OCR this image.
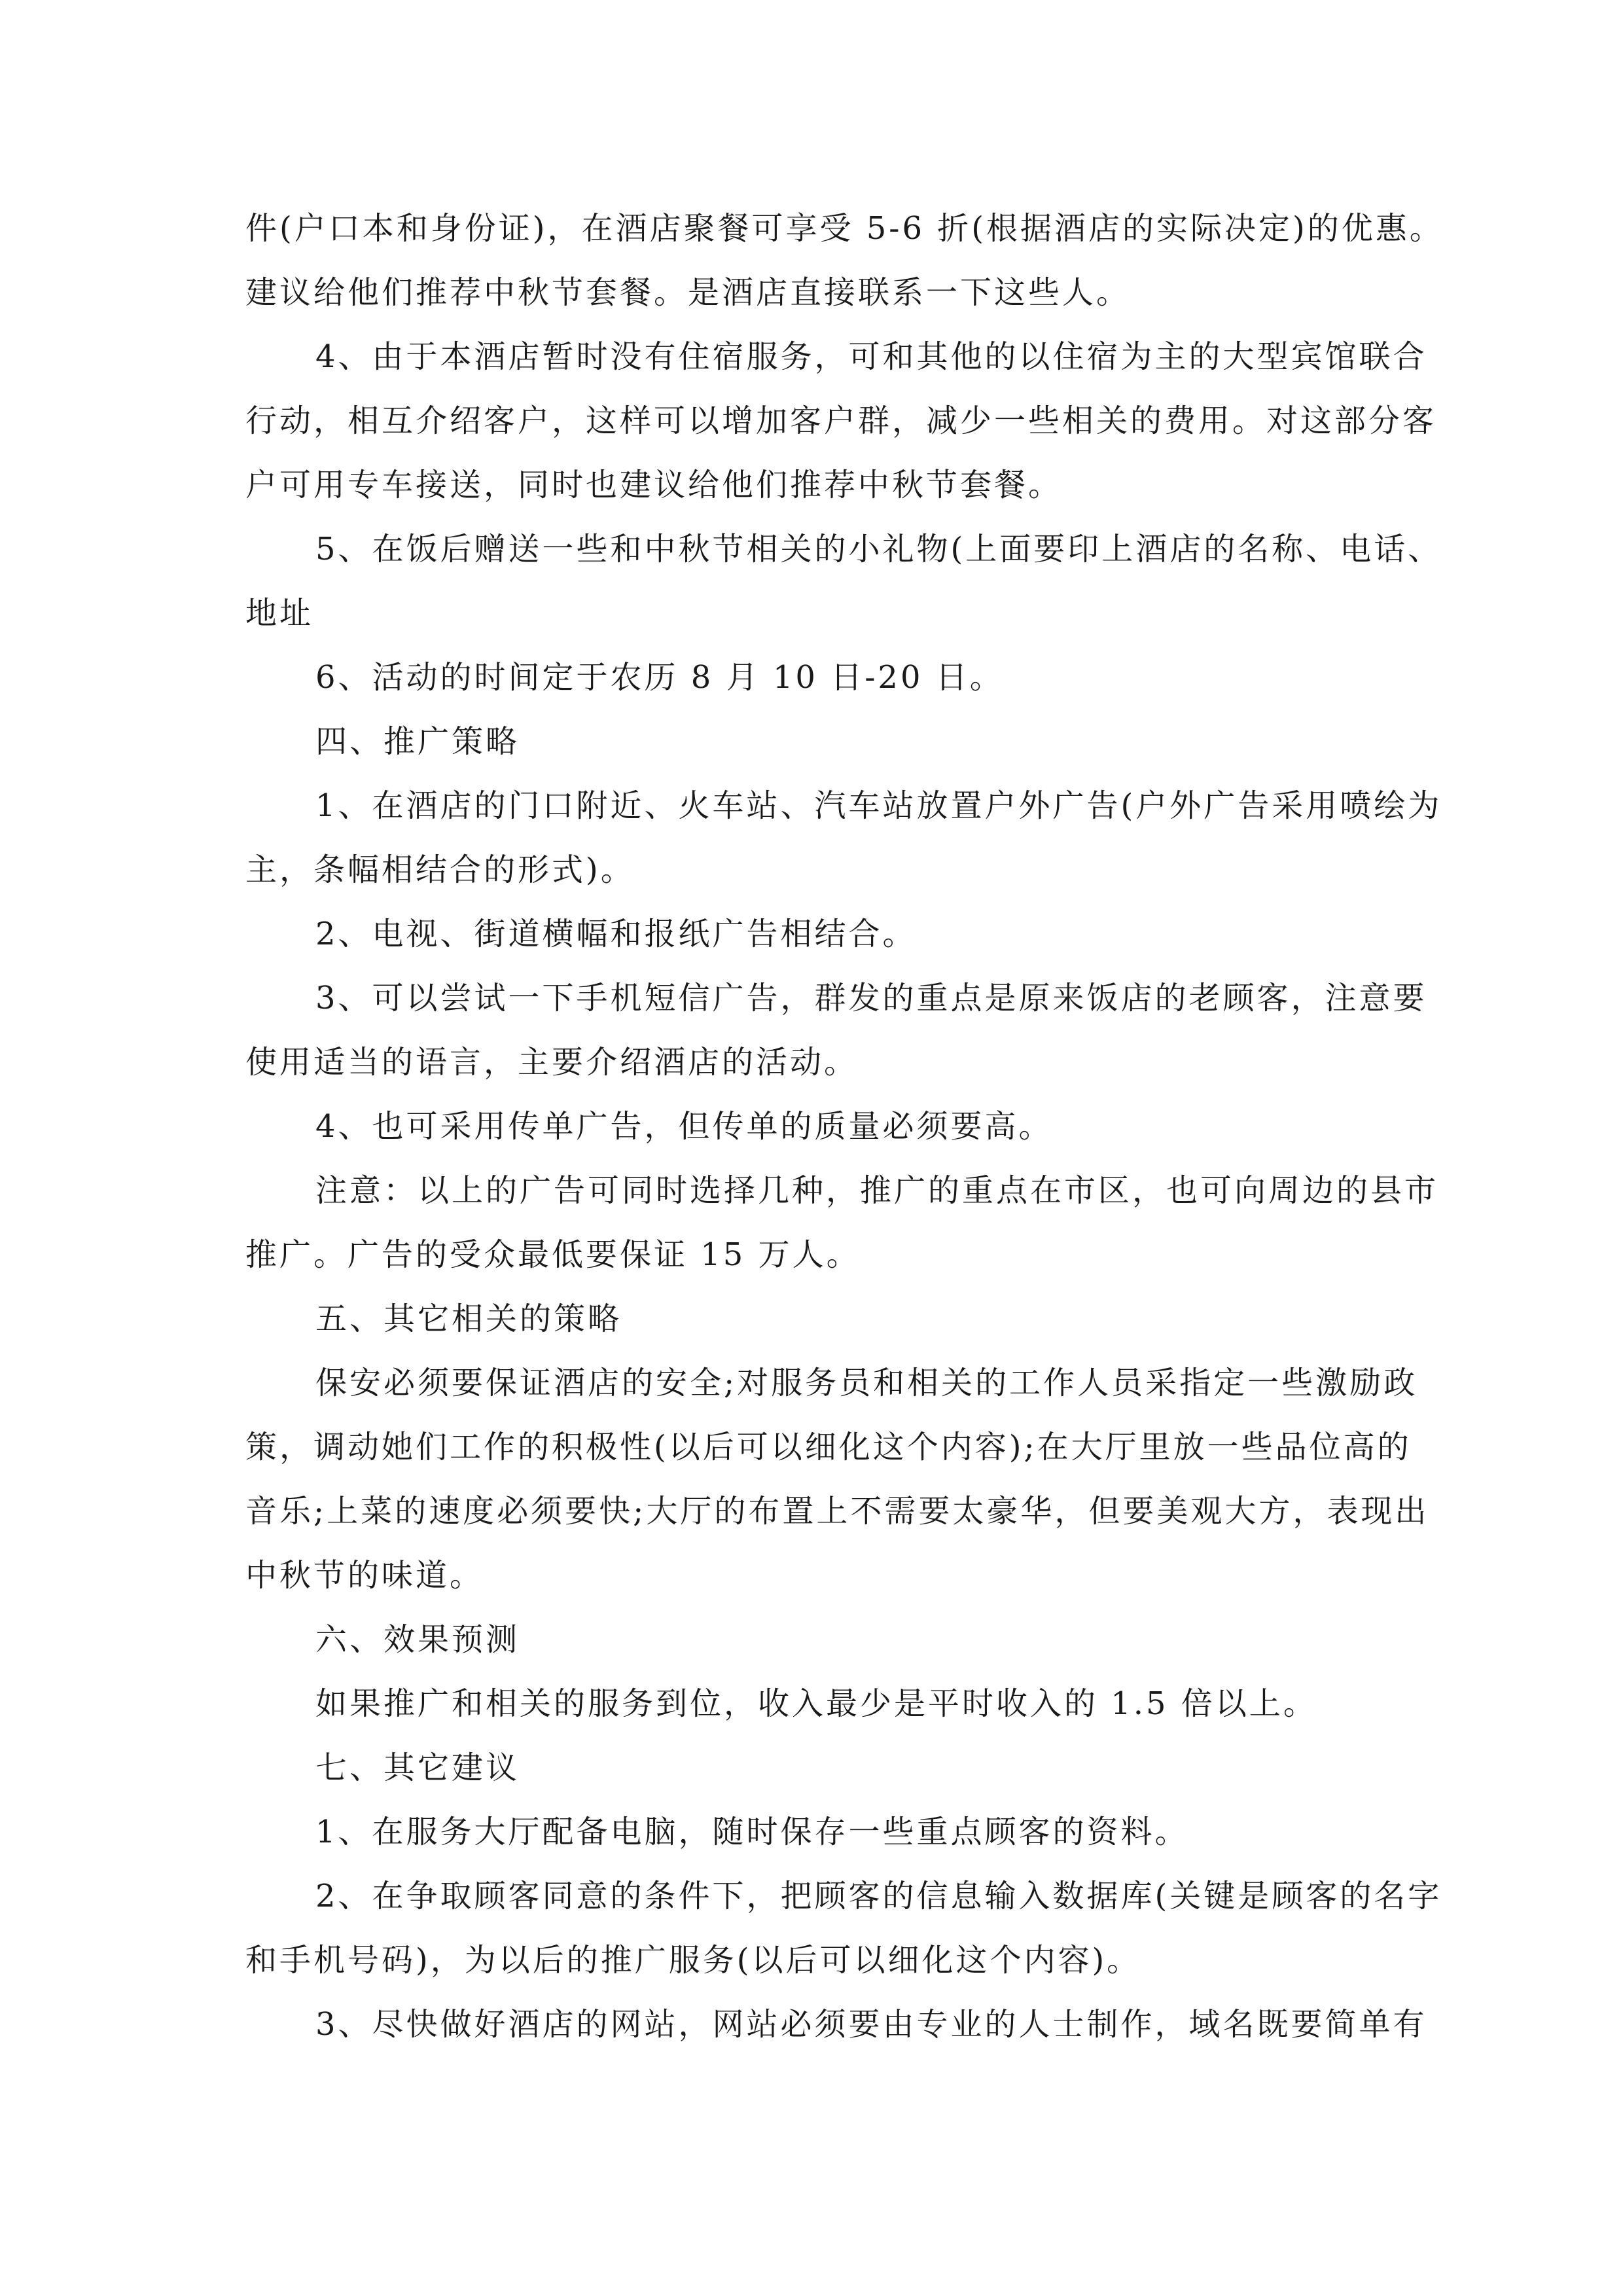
件(户口本和身份证)，在酒店聚餐可享受 5-6 折(根据酒店的实际决定)的优惠。
建议给他们推荐中秋节套餐。是酒店直接联系一下这些人。
4、由于本酒店暂时没有住宿服务，可和其他的以住宿为主的大型宾馆联合
行动，相互介绍客户，这样可以增加客户群，减少一些相关的费用。对这部分客
户可用专车接送，同时也建议给他们推荐中秋节套餐。
5、在饭后赠送一些和中秋节相关的小礼物(上面要印上酒店的名称、电话、
地址
6、活动的时间定于农历 8 月 10 日-20 日。
四、推广策略
1、在酒店的门口附近、火车站、汽车站放置户外广告(户外广告采用喷绘为
主，条幅相结合的形式)。
2、电视、街道横幅和报纸广告相结合。
3、可以尝试一下手机短信广告，群发的重点是原来饭店的老顾客，注意要
使用适当的语言，主要介绍酒店的活动。
4、也可采用传单广告，但传单的质量必须要高。
注意：以上的广告可同时选择几种，推广的重点在市区，也可向周边的县市
推广。广告的受众最低要保证 15 万人。
五、其它相关的策略
保安必须要保证酒店的安全;对服务员和相关的工作人员采指定一些激励政
策，调动她们工作的积极性(以后可以细化这个内容);在大厅里放一些品位高的
音乐;上菜的速度必须要快;大厅的布置上不需要太豪华，但要美观大方，表现出
中秋节的味道。
六、效果预测
如果推广和相关的服务到位，收入最少是平时收入的 1.5 倍以上。
七、其它建议
1、在服务大厅配备电脑，随时保存一些重点顾客的资料。
2、在争取顾客同意的条件下，把顾客的信息输入数据库(关键是顾客的名字
和手机号码)，为以后的推广服务(以后可以细化这个内容)。
3、尽快做好酒店的网站，网站必须要由专业的人士制作，域名既要简单有
